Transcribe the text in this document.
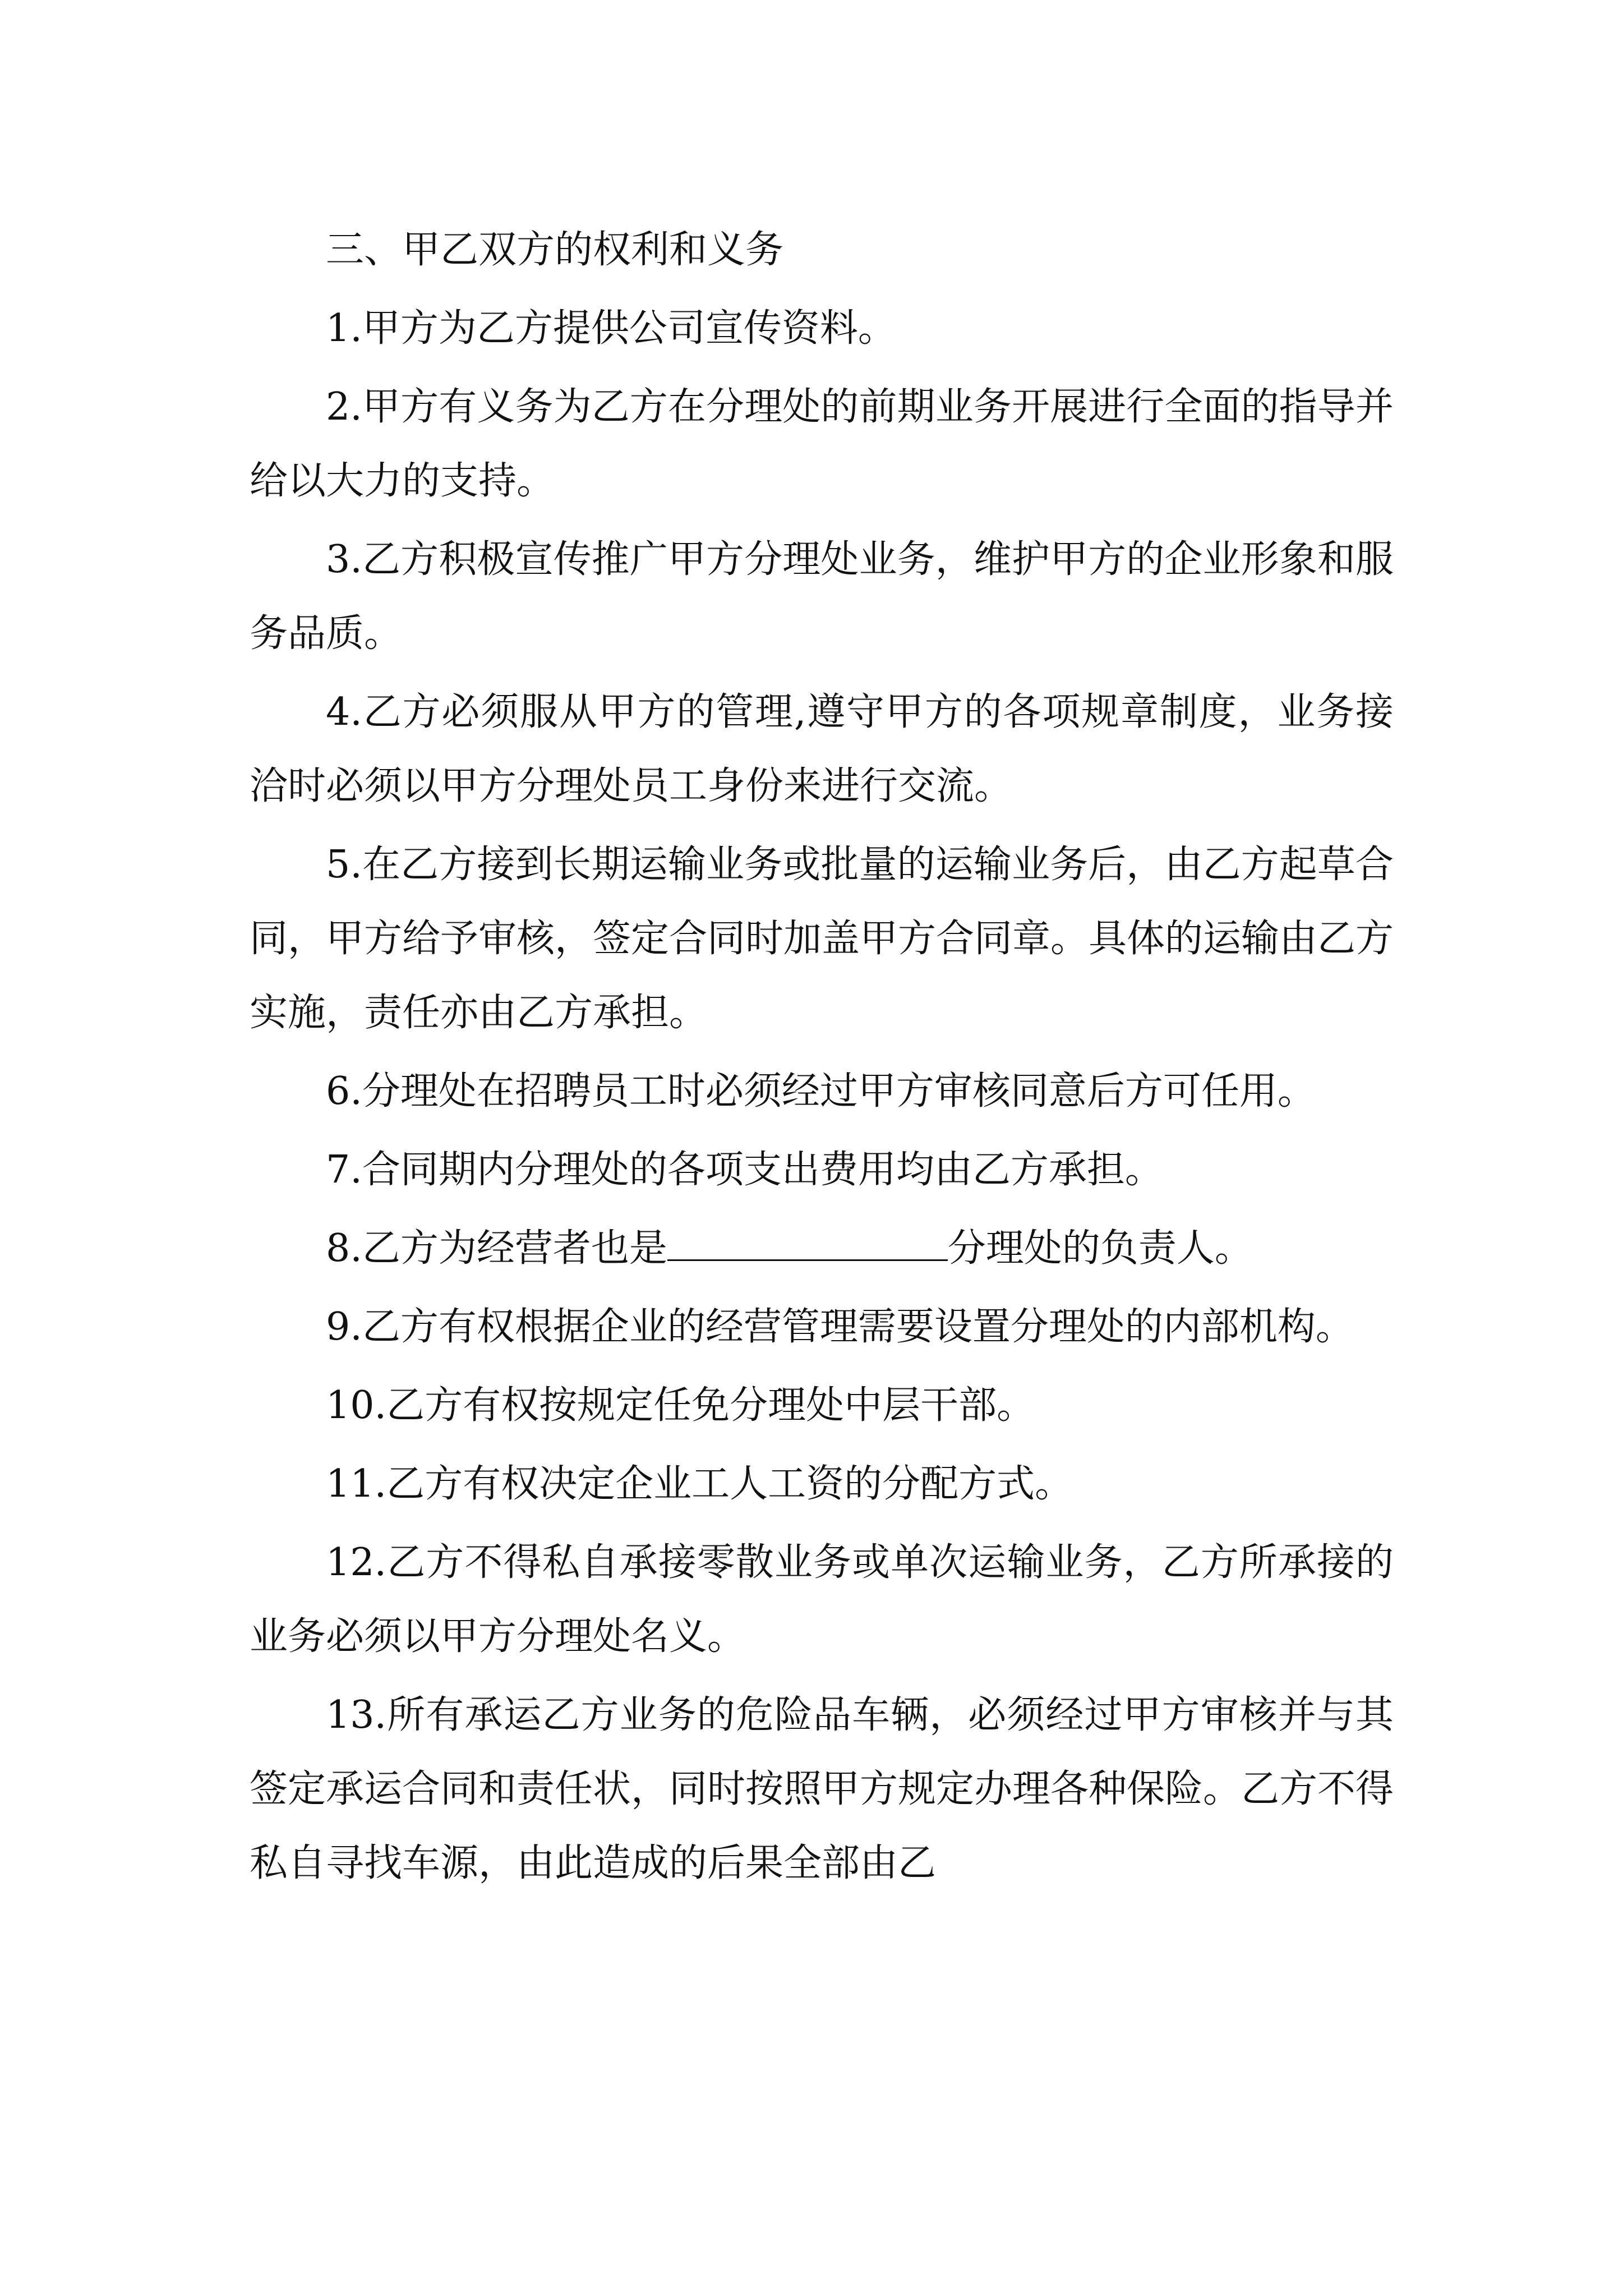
三、甲乙双方的权利和义务

1.甲方为乙方提供公司宣传资料。

2.甲方有义务为乙方在分理处的前期业务开展进行全面的指导并给以大力的支持。

3.乙方积极宣传推广甲方分理处业务，维护甲方的企业形象和服务品质。

4.乙方必须服从甲方的管理,遵守甲方的各项规章制度，业务接洽时必须以甲方分理处员工身份来进行交流。

5.在乙方接到长期运输业务或批量的运输业务后，由乙方起草合同，甲方给予审核，签定合同时加盖甲方合同章。具体的运输由乙方实施，责任亦由乙方承担。

6.分理处在招聘员工时必须经过甲方审核同意后方可任用。

7.合同期内分理处的各项支出费用均由乙方承担。

8.乙方为经营者也是	分理处的负责人。

9.乙方有权根据企业的经营管理需要设置分理处的内部机构。

10.乙方有权按规定任免分理处中层干部。

11.乙方有权决定企业工人工资的分配方式。

12.乙方不得私自承接零散业务或单次运输业务，乙方所承接的业务必须以甲方分理处名义。

13.所有承运乙方业务的危险品车辆，必须经过甲方审核并与其签定承运合同和责任状，同时按照甲方规定办理各种保险。乙方不得私自寻找车源，由此造成的后果全部由乙
